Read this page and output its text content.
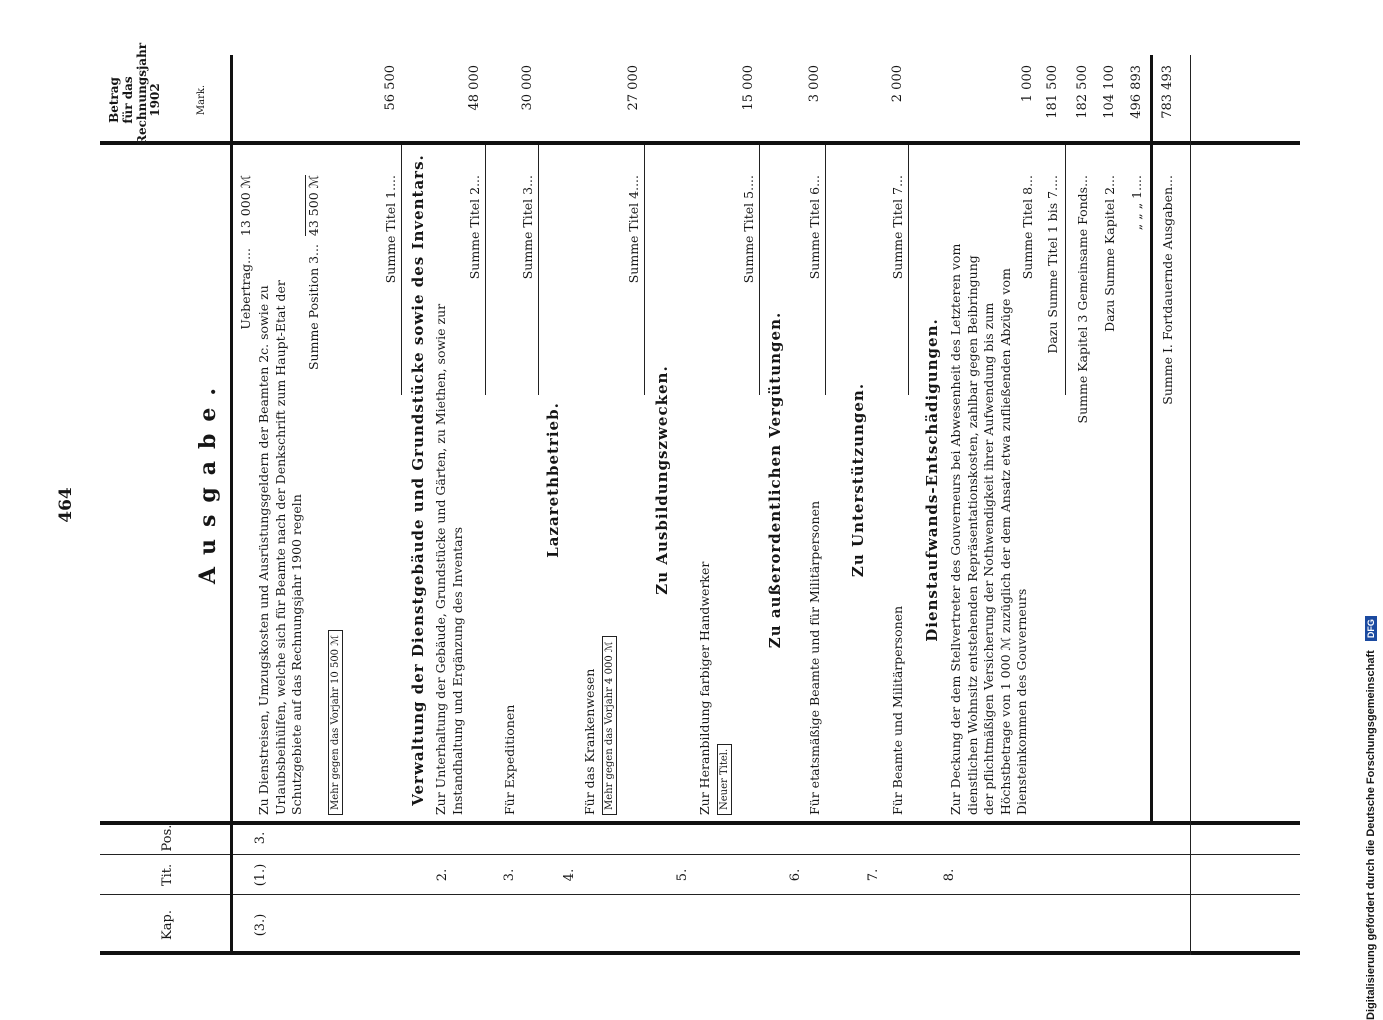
464
Kap.
Tit.
Pos.
Ausgabe.
Betrag für das Rechnungsjahr 1902	Mark.
(3.)
(1.)
3.
Uebertrag....   13 000 ℳ
Zu Dienstreisen, Umzugskosten und Ausrüstungsgeldern der Beamten 2c. sowie zu Urlaubsbeihülfen, welche sich für Beamte nach der Denkschrift zum Haupt-Etat der Schutzgebiete auf das Rechnungsjahr 1900 regeln
Summe Position 3...  43 500 ℳ
Mehr gegen das Vorjahr 10 500 ℳ
Summe Titel 1....
56 500
Verwaltung der Dienstgebäude und Grundstücke sowie des Inventars.
2.
Zur Unterhaltung der Gebäude, Grundstücke und Gärten, zu Miethen, sowie zur Instandhaltung und Ergänzung des Inventars
Summe Titel 2...
48 000
3.
Für Expeditionen
Summe Titel 3...
30 000
4.
Lazarethbetrieb.
Für das Krankenwesen Mehr gegen das Vorjahr 4 000 ℳ
Summe Titel 4....
27 000
5.
Zu Ausbildungszwecken.
Zur Heranbildung farbiger Handwerker Neuer Titel.
Summe Titel 5....
15 000
6.
Zu außerordentlichen Vergütungen.
Für etatsmäßige Beamte und für Militärpersonen
Summe Titel 6...
3 000
7.
Zu Unterstützungen.
Für Beamte und Militärpersonen
Summe Titel 7...
2 000
8.
Dienstaufwands-Entschädigungen. Zur Deckung der dem Stellvertreter des Gouverneurs bei Abwesenheit des Letzteren vom dienstlichen Wohnsitz entstehenden Repräsentationskosten, zahlbar gegen Beibringung der pflichtmäßigen Versicherung der Nothwendigkeit ihrer Aufwendung bis zum Höchstbetrage von 1 000 ℳ zuzüglich der dem Ansatz etwa zufließenden Abzüge vom Diensteinkommen des Gouverneurs
Summe Titel 8...
1 000
Dazu Summe Titel 1 bis 7....
181 500
Summe Kapitel 3 Gemeinsame Fonds...
182 500
Dazu Summe Kapitel 2...
104 100
„ „ „ 1....
496 893
Summe I. Fortdauernde Ausgaben...
783 493
Digitalisierung gefördert durch die Deutsche Forschungsgemeinschaft DFG
